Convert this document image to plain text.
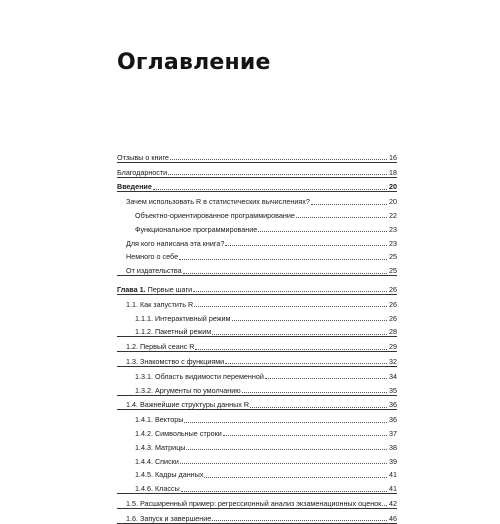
Оглавление
Отзывы о книге	16
Благодарности	18
Введение	20
Зачем использовать R в статистических вычислениях?	20
Объектно-ориентированное программирование	22
Функциональное программирование	23
Для кого написана эта книга?	23
Немного о себе	25
От издательства	25
Глава 1. Первые шаги	26
1.1. Как запустить R	26
1.1.1. Интерактивный режим	26
1.1.2. Пакетный режим	28
1.2. Первый сеанс R	29
1.3. Знакомство с функциями	32
1.3.1. Область видимости переменной	34
1.3.2. Аргументы по умолчанию	35
1.4. Важнейшие структуры данных R	36
1.4.1. Векторы	36
1.4.2. Символьные строки	37
1.4.3. Матрицы	38
1.4.4. Списки	39
1.4.5. Кадры данных	41
1.4.6. Классы	41
1.5. Расширенный пример: регрессионный анализ экзаменационных оценок 42
1.6. Запуск и завершение	46
